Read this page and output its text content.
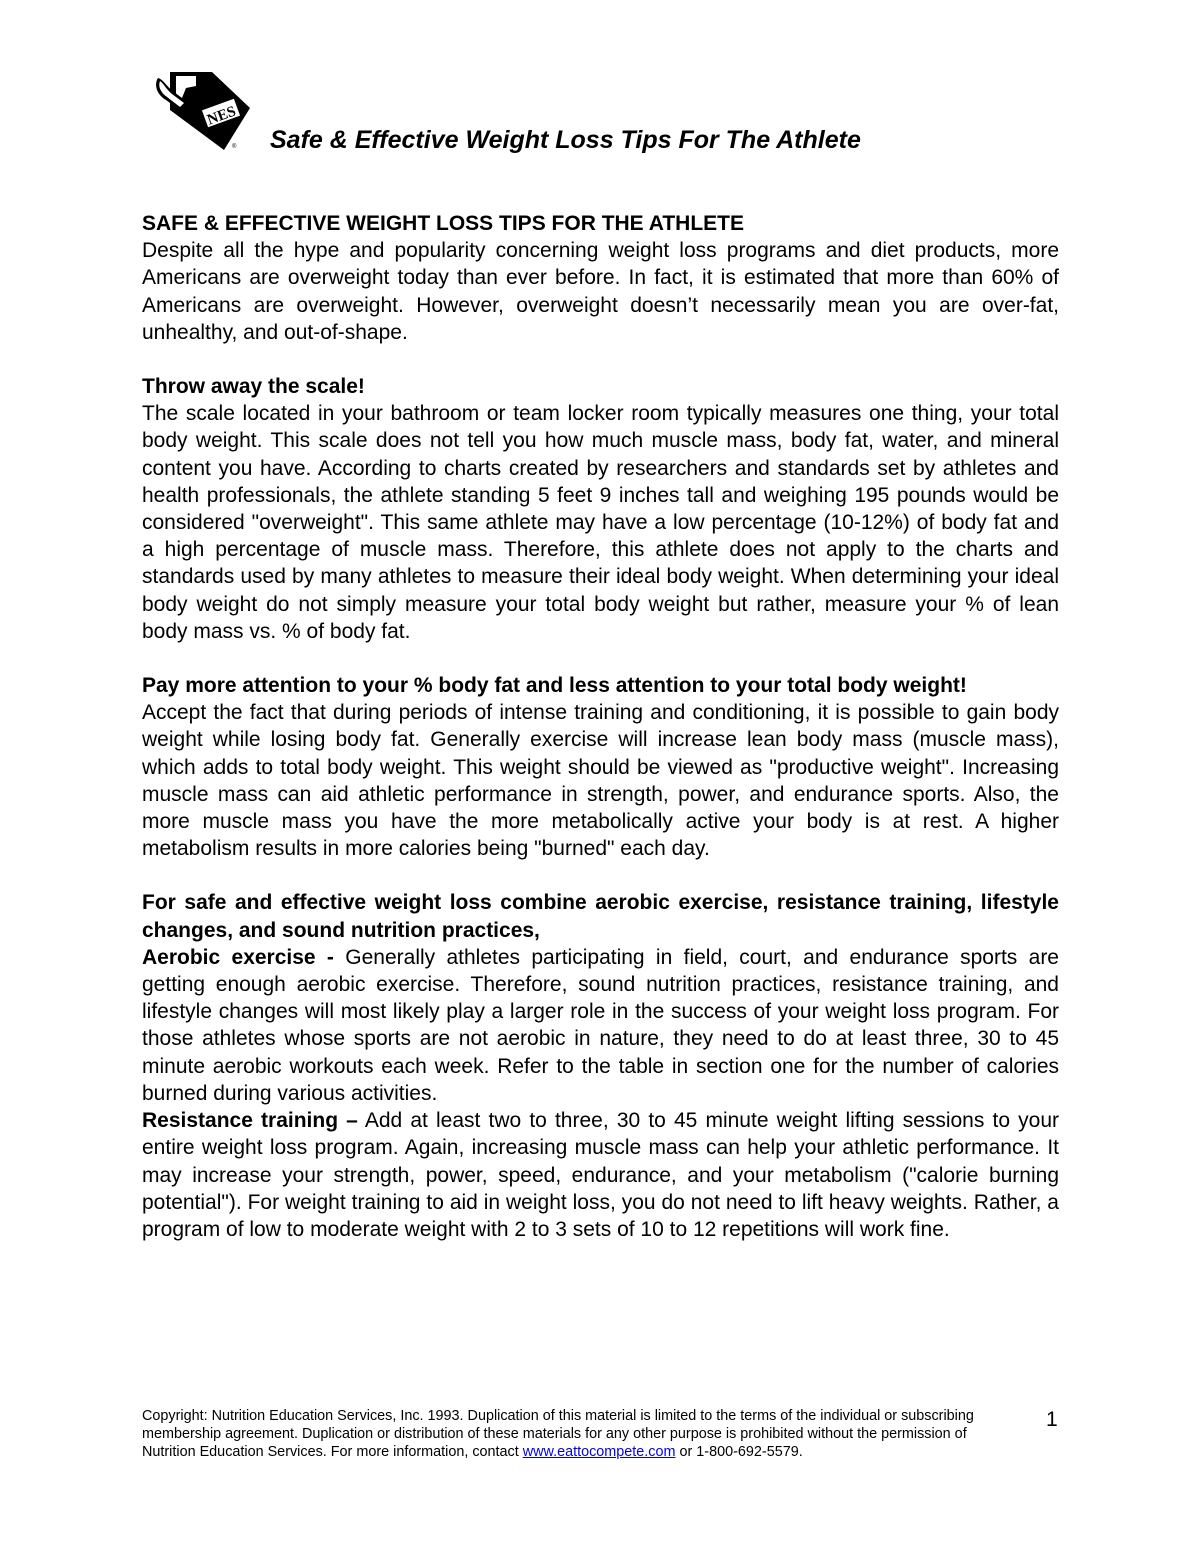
NES
® Safe & Effective Weight Loss Tips For The Athlete

SAFE & EFFECTIVE WEIGHT LOSS TIPS FOR THE ATHLETE

Despite all the hype and popularity concerning weight loss programs and diet products, more Americans are overweight today than ever before. In fact, it is estimated that more than 60% of Americans are overweight. However, overweight doesn’t necessarily mean you are over-fat, unhealthy, and out-of-shape.

Throw away the scale!

The scale located in your bathroom or team locker room typically measures one thing, your total body weight. This scale does not tell you how much muscle mass, body fat, water, and mineral content you have. According to charts created by researchers and standards set by athletes and health professionals, the athlete standing 5 feet 9 inches tall and weighing 195 pounds would be considered "overweight". This same athlete may have a low percentage (10-12%) of body fat and a high percentage of muscle mass. Therefore, this athlete does not apply to the charts and standards used by many athletes to measure their ideal body weight. When determining your ideal body weight do not simply measure your total body weight but rather, measure your % of lean body mass vs. % of body fat.

Pay more attention to your % body fat and less attention to your total body weight!

Accept the fact that during periods of intense training and conditioning, it is possible to gain body weight while losing body fat. Generally exercise will increase lean body mass (muscle mass), which adds to total body weight. This weight should be viewed as "productive weight". Increasing muscle mass can aid athletic performance in strength, power, and endurance sports. Also, the more muscle mass you have the more metabolically active your body is at rest. A higher metabolism results in more calories being "burned" each day.

For safe and effective weight loss combine aerobic exercise, resistance training, lifestyle changes, and sound nutrition practices,

Aerobic exercise - Generally athletes participating in field, court, and endurance sports are getting enough aerobic exercise. Therefore, sound nutrition practices, resistance training, and lifestyle changes will most likely play a larger role in the success of your weight loss program. For those athletes whose sports are not aerobic in nature, they need to do at least three, 30 to 45 minute aerobic workouts each week. Refer to the table in section one for the number of calories burned during various activities.

Resistance training – Add at least two to three, 30 to 45 minute weight lifting sessions to your entire weight loss program. Again, increasing muscle mass can help your athletic performance. It may increase your strength, power, speed, endurance, and your metabolism ("calorie burning potential"). For weight training to aid in weight loss, you do not need to lift heavy weights. Rather, a program of low to moderate weight with 2 to 3 sets of 10 to 12 repetitions will work fine.

Copyright: Nutrition Education Services, Inc. 1993. Duplication of this material is limited to the terms of the individual or subscribing membership agreement. Duplication or distribution of these materials for any other purpose is prohibited without the permission of Nutrition Education Services. For more information, contact www.eattocompete.com or 1-800-692-5579.
1
